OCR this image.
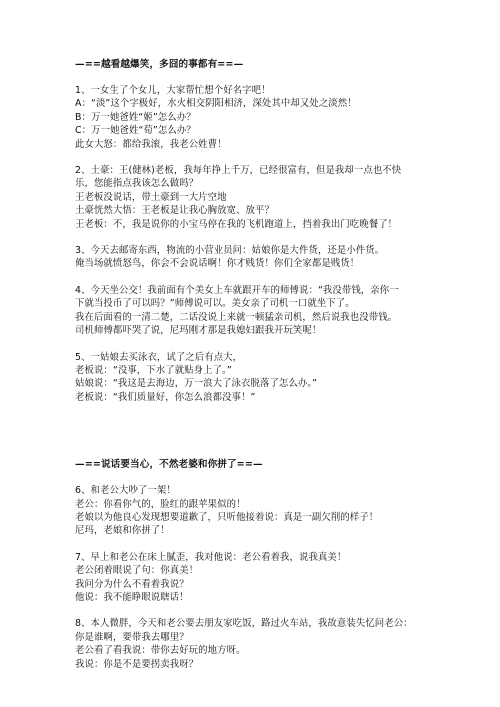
—==越看越爆笑，多囧的事都有==—
1、一女生了个女儿，大家帮忙想个好名字吧！
A：“淡”这个字极好，水火相交阴阳相济，深处其中却又处之淡然！
B：万一她爸姓“姬”怎么办？
C：万一她爸姓“荀”怎么办？
此女大怒：都给我滚，我老公姓曹！
2、土豪：王(健林)老板，我每年挣上千万，已经很富有，但是我却一点也不快
乐，您能指点我该怎么做吗？
王老板没说话，带土豪到一大片空地
土豪恍然大悟：王老板是让我心胸放宽、放平？
王老板：不，我是说你的小宝马停在我的飞机跑道上，挡着我出门吃晚餐了！
3、今天去邮寄东西，物流的小营业员问：姑娘你是大件货，还是小件货。
俺当场就愤怒鸟，你会不会说话啊！你才贱货！你们全家都是贱货！
4、今天坐公交！我前面有个美女上车就跟开车的师傅说：“我没带钱，亲你一
下就当投币了可以吗？”师傅说可以。美女亲了司机一口就坐下了。
我在后面看的一清二楚，二话没说上来就一顿猛亲司机，然后说我也没带钱。
司机师傅都吓哭了说，尼玛刚才那是我媳妇跟我开玩笑呢！
5、一姑娘去买泳衣，试了之后有点大，
老板说：“没事，下水了就贴身上了。”
姑娘说：“我这是去海边，万一浪大了泳衣脱落了怎么办。”
老板说：“我们质量好，你怎么浪都没事！”
—==说话要当心，不然老婆和你拼了==—
6、和老公大吵了一架！
老公：你看你气的，脸红的跟苹果似的！
老娘以为他良心发现想要道歉了，只听他接着说：真是一副欠削的样子！
尼玛，老娘和你拼了！
7、早上和老公在床上腻歪，我对他说：老公看着我，说我真美！
老公闭着眼说了句：你真美！
我问分为什么不看着我说？
他说：我不能睁眼说瞎话！
8、本人微胖，今天和老公要去朋友家吃饭，路过火车站，我故意装失忆问老公：
你是谁啊，要带我去哪里？
老公看了看我说：带你去好玩的地方呀。
我说：你是不是要拐卖我呀？
